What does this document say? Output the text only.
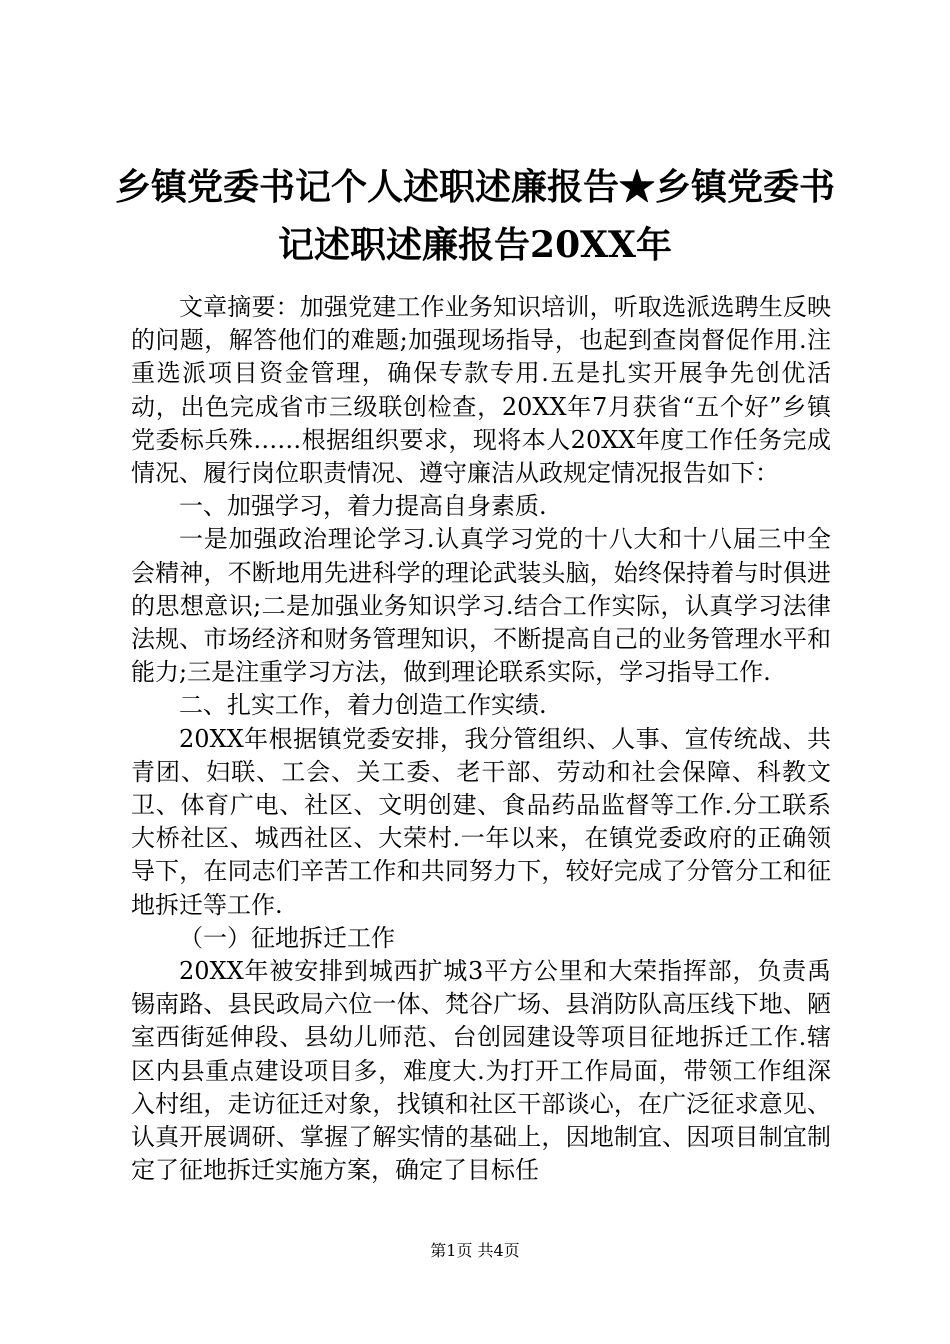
乡镇党委书记个人述职述廉报告★乡镇党委书记述职述廉报告20XX年

文章摘要：加强党建工作业务知识培训，听取选派选聘生反映的问题，解答他们的难题;加强现场指导，也起到查岗督促作用.注重选派项目资金管理，确保专款专用.五是扎实开展争先创优活动，出色完成省市三级联创检查，20XX年7月获省“五个好”乡镇党委标兵殊……根据组织要求，现将本人20XX年度工作任务完成情况、履行岗位职责情况、遵守廉洁从政规定情况报告如下：

一、加强学习，着力提高自身素质.

一是加强政治理论学习.认真学习党的十八大和十八届三中全会精神，不断地用先进科学的理论武装头脑，始终保持着与时俱进的思想意识;二是加强业务知识学习.结合工作实际，认真学习法律法规、市场经济和财务管理知识，不断提高自己的业务管理水平和能力;三是注重学习方法，做到理论联系实际，学习指导工作.

二、扎实工作，着力创造工作实绩.

20XX年根据镇党委安排，我分管组织、人事、宣传统战、共青团、妇联、工会、关工委、老干部、劳动和社会保障、科教文卫、体育广电、社区、文明创建、食品药品监督等工作.分工联系大桥社区、城西社区、大荣村.一年以来，在镇党委政府的正确领导下，在同志们辛苦工作和共同努力下，较好完成了分管分工和征地拆迁等工作.

（一）征地拆迁工作

20XX年被安排到城西扩城3平方公里和大荣指挥部，负责禹锡南路、县民政局六位一体、梵谷广场、县消防队高压线下地、陋室西街延伸段、县幼儿师范、台创园建设等项目征地拆迁工作.辖区内县重点建设项目多，难度大.为打开工作局面，带领工作组深入村组，走访征迁对象，找镇和社区干部谈心，在广泛征求意见、认真开展调研、掌握了解实情的基础上，因地制宜、因项目制宜制定了征地拆迁实施方案，确定了目标任

第1页 共4页
